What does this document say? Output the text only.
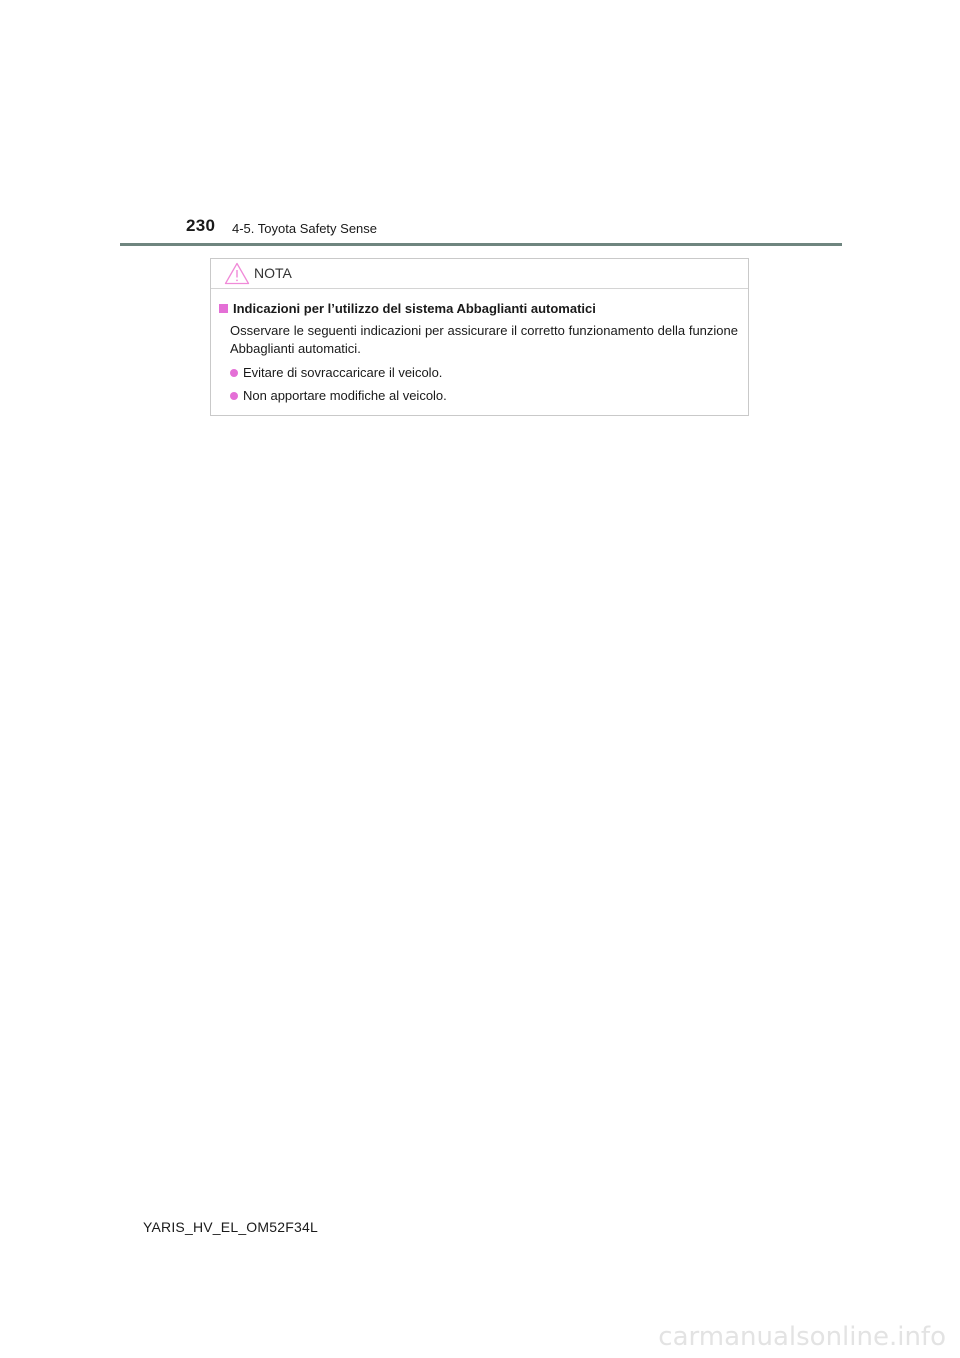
230 4-5. Toyota Safety Sense
NOTA
Indicazioni per l’utilizzo del sistema Abbaglianti automatici
Osservare le seguenti indicazioni per assicurare il corretto funzionamento della funzione Abbaglianti automatici.
Evitare di sovraccaricare il veicolo.
Non apportare modifiche al veicolo.
YARIS_HV_EL_OM52F34L
carmanualsonline.info
